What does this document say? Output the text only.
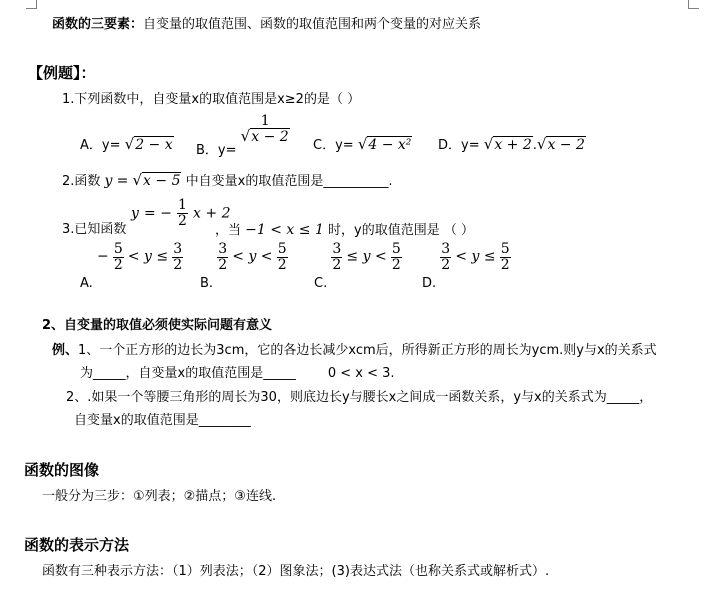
函数的三要素：自变量的取值范围、函数的取值范围和两个变量的对应关系
【例题】：
1.下列函数中，自变量x的取值范围是x≥2的是（ ）
A．y= √2 − x B．y=
1
√x − 2
C．y= √4 − x² D．y= √x + 2.√x − 2
2.函数 y = √x − 5 中自变量x的取值范围是__________.
3.已知函数
y = − $\frac{1}{2}$ x + 2
，当 −1 < x ≤ 1 时，y的取值范围是 （ ）
A. − $\frac{5}{2} < y \le \frac{3}{2}$
B.
$\frac{3}{2} < y < \frac{5}{2}$
C.
$\frac{3}{2} \le y < \frac{5}{2}$
D.
$\frac{3}{2} < y \le \frac{5}{2}$
2、自变量的取值必须使实际问题有意义
例、1、一个正方形的边长为3cm，它的各边长减少xcm后，所得新正方形的周长为ycm.则y与x的关系式
为_____，自变量x的取值范围是_____ 0 < x < 3.
2、.如果一个等腰三角形的周长为30，则底边长y与腰长x之间成一函数关系，y与x的关系式为_____，
自变量x的取值范围是________
函数的图像
一般分为三步：①列表；②描点；③连线.
函数的表示方法
函数有三种表示方法：（1）列表法；（2）图象法；(3)表达式法（也称关系式或解析式）.
